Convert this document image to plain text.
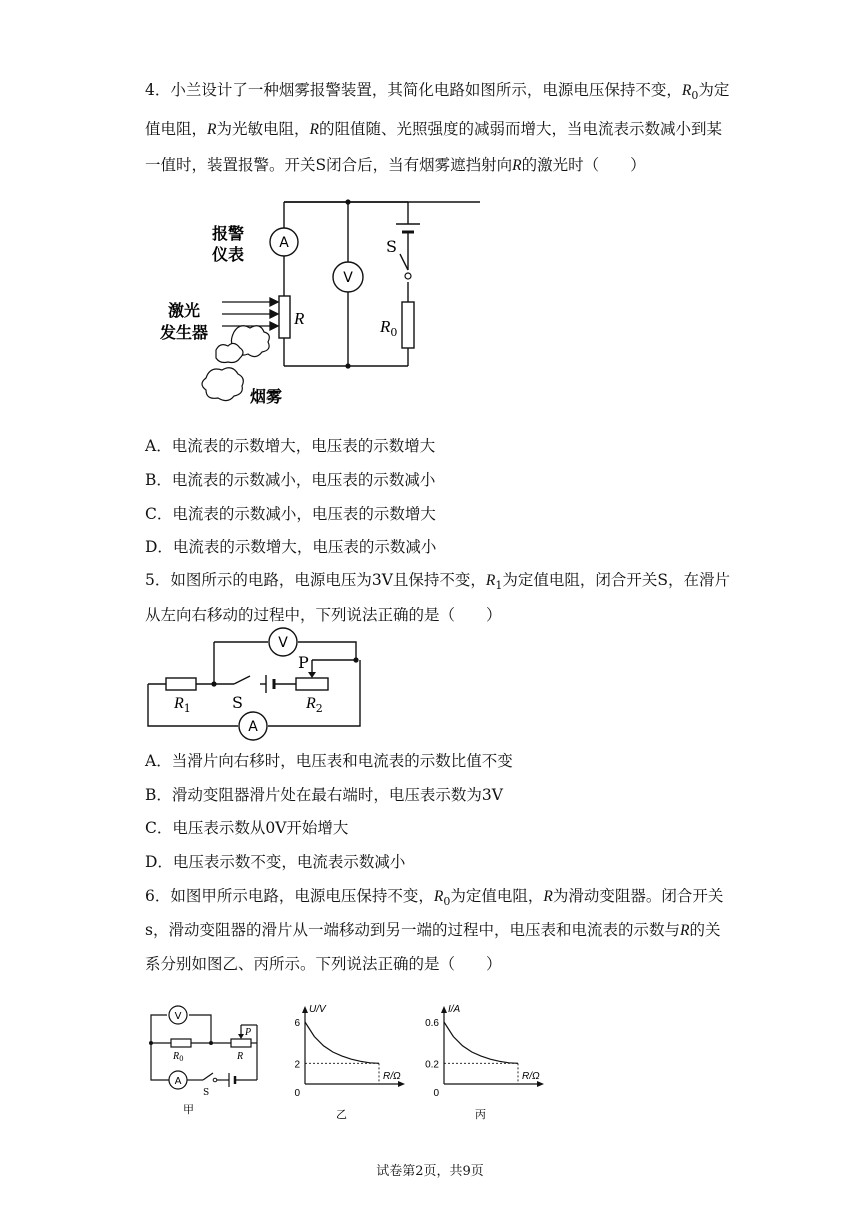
4．小兰设计了一种烟雾报警装置，其简化电路如图所示，电源电压保持不变，$R_0$为定
值电阻，R为光敏电阻，R的阻值随、光照强度的减弱而增大，当电流表示数减小到某
一值时，装置报警。开关S闭合后，当有烟雾遮挡射向R的激光时（　　）
A
R
V
S
$R_0$
报警
仪表
激光
发生器
烟雾
A．电流表的示数增大，电压表的示数增大
B．电流表的示数减小，电压表的示数减小
C．电流表的示数减小，电压表的示数增大
D．电流表的示数增大，电压表的示数减小
5．如图所示的电路，电源电压为3V且保持不变，$R_1$为定值电阻，闭合开关S，在滑片
从左向右移动的过程中，下列说法正确的是（　　）
$R_1$	S
P
$R_2$
V
A
A．当滑片向右移时，电压表和电流表的示数比值不变
B．滑动变阻器滑片处在最右端时，电压表示数为3V
C．电压表示数从0V开始增大
D．电压表示数不变，电流表示数减小
6．如图甲所示电路，电源电压保持不变，$R_0$为定值电阻，R为滑动变阻器。闭合开关
s，滑动变阻器的滑片从一端移动到另一端的过程中，电压表和电流表的示数与R的关
系分别如图乙、丙所示。下列说法正确的是（　　）
V
$R_0$
P
R
A
S
甲
0
2
6
U/V
R/Ω
乙
0
0.2
0.6
I/A
R/Ω
丙
试卷第2页，共9页
